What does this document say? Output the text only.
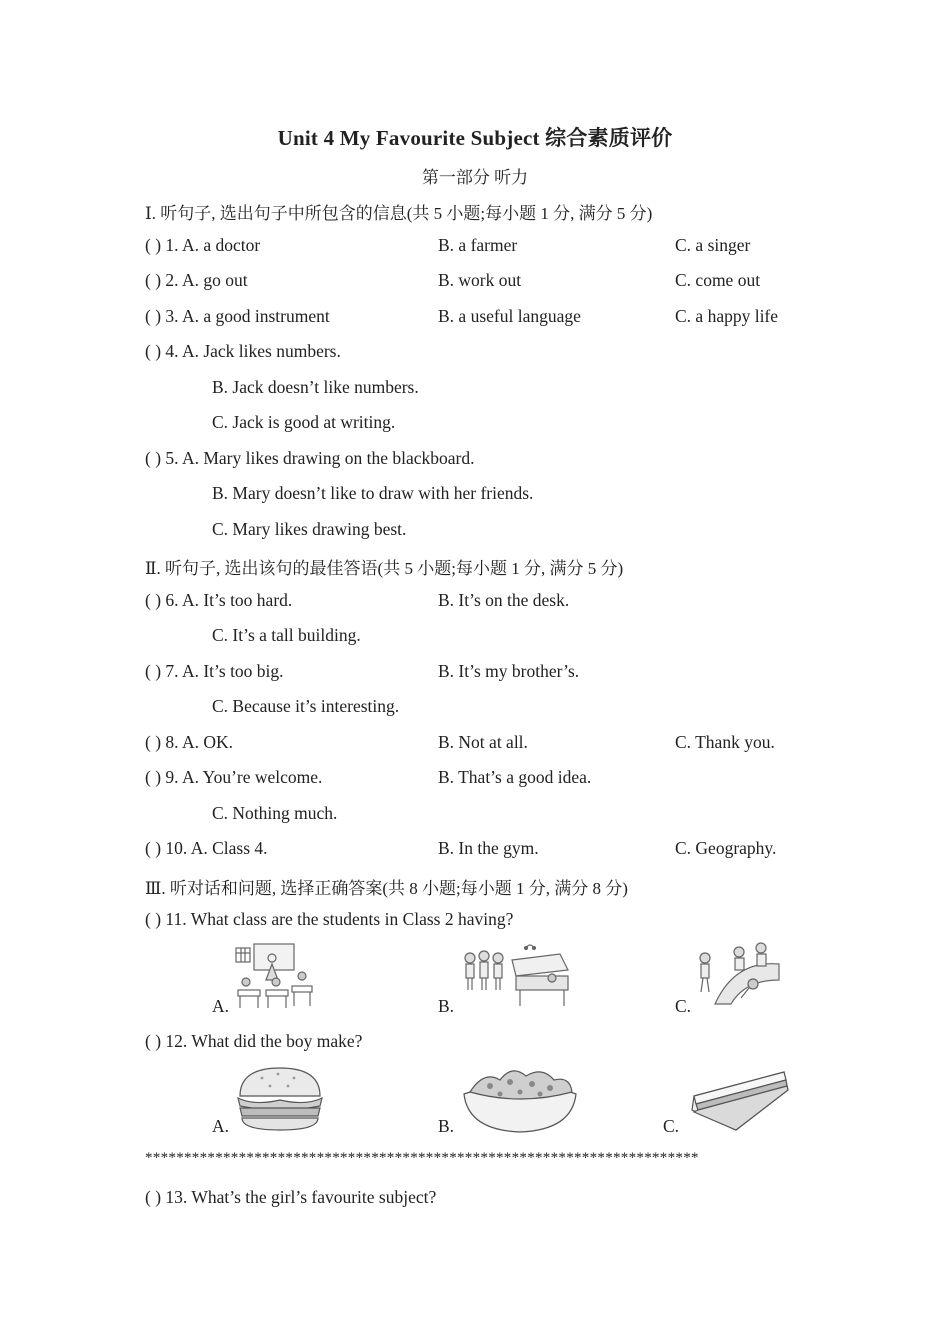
Unit 4 My Favourite Subject 综合素质评价
第一部分 听力
Ⅰ. 听句子, 选出句子中所包含的信息(共 5 小题;每小题 1 分, 满分 5 分)
( ) 1. A. a doctor	B. a farmer	C. a singer
( ) 2. A. go out	B. work out	C. come out
( ) 3. A. a good instrument	B. a useful language	C. a happy life
( ) 4. A. Jack likes numbers.
B. Jack doesn’t like numbers.
C. Jack is good at writing.
( ) 5. A. Mary likes drawing on the blackboard.
B. Mary doesn’t like to draw with her friends.
C. Mary likes drawing best.
Ⅱ. 听句子, 选出该句的最佳答语(共 5 小题;每小题 1 分, 满分 5 分)
( ) 6. A. It’s too hard.	B. It’s on the desk.
C. It’s a tall building.
( ) 7. A. It’s too big.	B. It’s my brother’s.
C. Because it’s interesting.
( ) 8. A. OK.	B. Not at all.	C. Thank you.
( ) 9. A. You’re welcome.	B. That’s a good idea.
C. Nothing much.
( ) 10. A. Class 4.	B. In the gym.	C. Geography.
Ⅲ. 听对话和问题, 选择正确答案(共 8 小题;每小题 1 分, 满分 8 分)
( ) 11. What class are the students in Class 2 having?
A.	B.	C.
( ) 12. What did the boy make?
A.	B.	C.
***********************************************************************
( ) 13. What’s the girl’s favourite subject?
